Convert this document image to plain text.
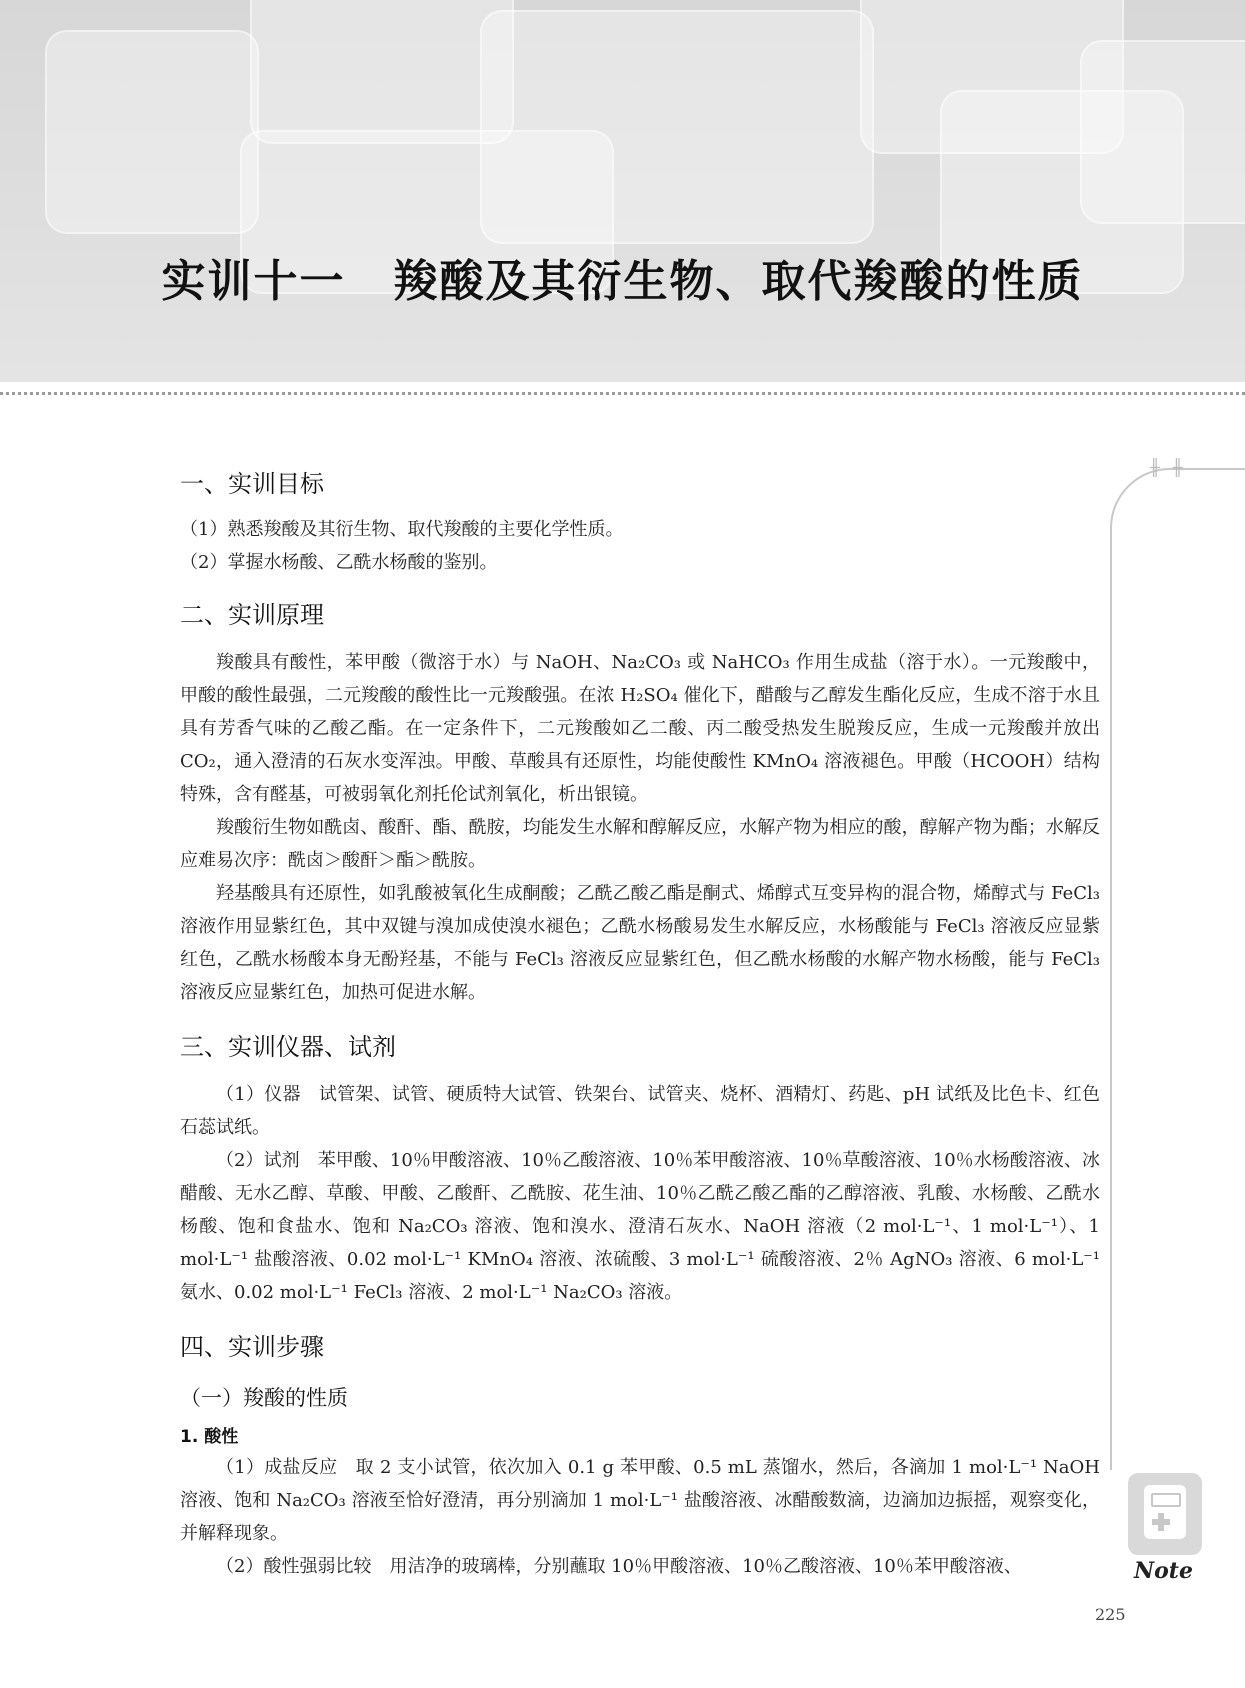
实训十一 羧酸及其衍生物、取代羧酸的性质
╫ ╫
一、实训目标
（1）熟悉羧酸及其衍生物、取代羧酸的主要化学性质。
（2）掌握水杨酸、乙酰水杨酸的鉴别。
二、实训原理

羧酸具有酸性，苯甲酸（微溶于水）与 NaOH、Na₂CO₃ 或 NaHCO₃ 作用生成盐（溶于水）。一元羧酸中，甲酸的酸性最强，二元羧酸的酸性比一元羧酸强。在浓 H₂SO₄ 催化下，醋酸与乙醇发生酯化反应，生成不溶于水且具有芳香气味的乙酸乙酯。在一定条件下，二元羧酸如乙二酸、丙二酸受热发生脱羧反应，生成一元羧酸并放出 CO₂，通入澄清的石灰水变浑浊。甲酸、草酸具有还原性，均能使酸性 KMnO₄ 溶液褪色。甲酸（HCOOH）结构特殊，含有醛基，可被弱氧化剂托伦试剂氧化，析出银镜。

羧酸衍生物如酰卤、酸酐、酯、酰胺，均能发生水解和醇解反应，水解产物为相应的酸，醇解产物为酯；水解反应难易次序：酰卤＞酸酐＞酯＞酰胺。

羟基酸具有还原性，如乳酸被氧化生成酮酸；乙酰乙酸乙酯是酮式、烯醇式互变异构的混合物，烯醇式与 FeCl₃ 溶液作用显紫红色，其中双键与溴加成使溴水褪色；乙酰水杨酸易发生水解反应，水杨酸能与 FeCl₃ 溶液反应显紫红色，乙酰水杨酸本身无酚羟基，不能与 FeCl₃ 溶液反应显紫红色，但乙酰水杨酸的水解产物水杨酸，能与 FeCl₃ 溶液反应显紫红色，加热可促进水解。

三、实训仪器、试剂

（1）仪器　试管架、试管、硬质特大试管、铁架台、试管夹、烧杯、酒精灯、药匙、pH 试纸及比色卡、红色石蕊试纸。

（2）试剂　苯甲酸、10％甲酸溶液、10％乙酸溶液、10％苯甲酸溶液、10％草酸溶液、10％水杨酸溶液、冰醋酸、无水乙醇、草酸、甲酸、乙酸酐、乙酰胺、花生油、10％乙酰乙酸乙酯的乙醇溶液、乳酸、水杨酸、乙酰水杨酸、饱和食盐水、饱和 Na₂CO₃ 溶液、饱和溴水、澄清石灰水、NaOH 溶液（2 mol·L⁻¹、1 mol·L⁻¹）、1 mol·L⁻¹ 盐酸溶液、0.02 mol·L⁻¹ KMnO₄ 溶液、浓硫酸、3 mol·L⁻¹ 硫酸溶液、2％ AgNO₃ 溶液、6 mol·L⁻¹ 氨水、0.02 mol·L⁻¹ FeCl₃ 溶液、2 mol·L⁻¹ Na₂CO₃ 溶液。

四、实训步骤
（一）羧酸的性质
1. 酸性

（1）成盐反应　取 2 支小试管，依次加入 0.1 g 苯甲酸、0.5 mL 蒸馏水，然后，各滴加 1 mol·L⁻¹ NaOH 溶液、饱和 Na₂CO₃ 溶液至恰好澄清，再分别滴加 1 mol·L⁻¹ 盐酸溶液、冰醋酸数滴，边滴加边振摇，观察变化，并解释现象。

（2）酸性强弱比较　用洁净的玻璃棒，分别蘸取 10％甲酸溶液、10％乙酸溶液、10％苯甲酸溶液、	Note
225
